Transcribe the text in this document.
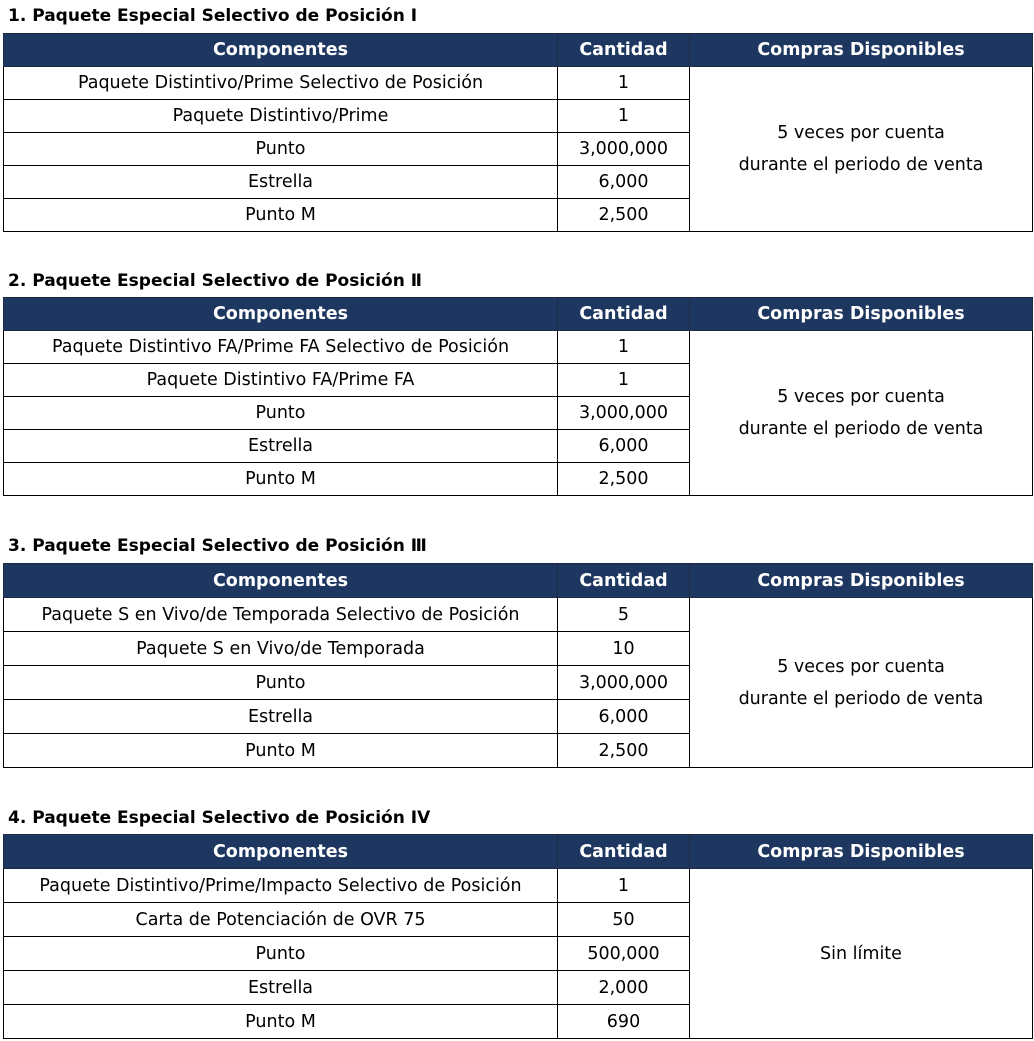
1. Paquete Especial Selectivo de Posición Ⅰ
Componentes	Cantidad	Compras Disponibles
Paquete Distintivo/Prime Selectivo de Posición	1	5 veces por cuenta
durante el periodo de venta

Paquete Distintivo/Prime	1	
Punto	3,000,000	
Estrella	6,000	
Punto M	2,500	
2. Paquete Especial Selectivo de Posición Ⅱ
Componentes	Cantidad	Compras Disponibles
Paquete Distintivo FA/Prime FA Selectivo de Posición	1	5 veces por cuenta
durante el periodo de venta

Paquete Distintivo FA/Prime FA	1	
Punto	3,000,000	
Estrella	6,000	
Punto M	2,500	
3. Paquete Especial Selectivo de Posición Ⅲ
Componentes	Cantidad	Compras Disponibles
Paquete S en Vivo/de Temporada Selectivo de Posición	5	5 veces por cuenta
durante el periodo de venta

Paquete S en Vivo/de Temporada	10	
Punto	3,000,000	
Estrella	6,000	
Punto M	2,500	
4. Paquete Especial Selectivo de Posición IV
Componentes	Cantidad	Compras Disponibles
Paquete Distintivo/Prime/Impacto Selectivo de Posición	1	Sin límite

Carta de Potenciación de OVR 75	50	
Punto	500,000	
Estrella	2,000	
Punto M	690	
